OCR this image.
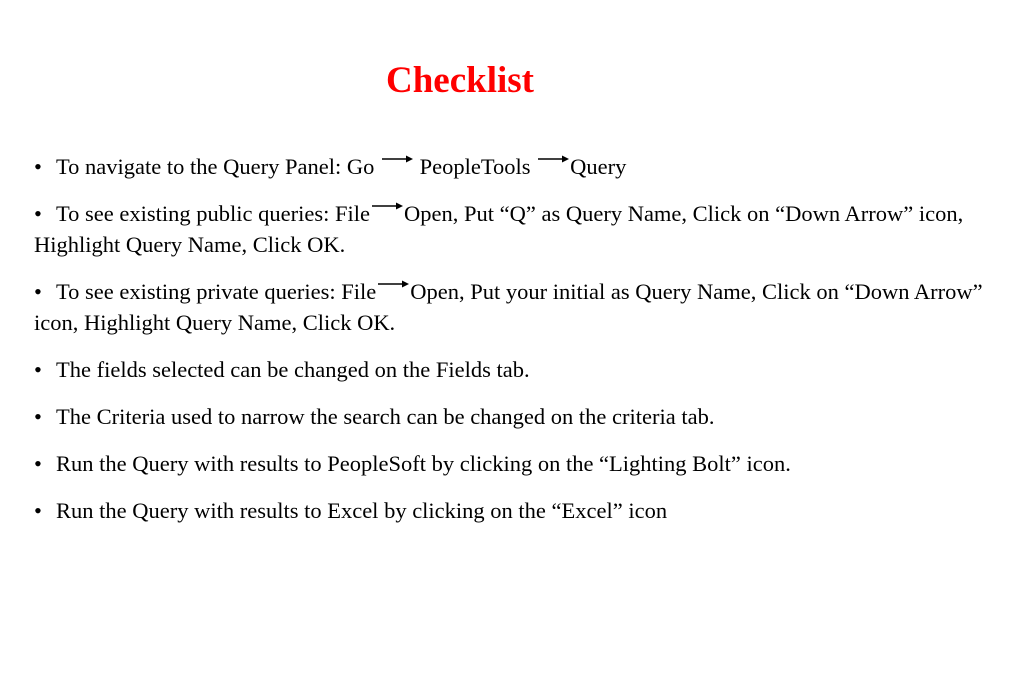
Checklist

• To navigate to the Query Panel: Go
PeopleTools
Query

• To see existing public queries: File Open, Put “Q” as Query Name, Click on “Down Arrow” icon, Highlight Query Name, Click OK.

• To see existing private queries: File Open, Put your initial as Query Name, Click on “Down Arrow” icon, Highlight Query Name, Click OK.

• The fields selected can be changed on the Fields tab.

• The Criteria used to narrow the search can be changed on the criteria tab.

• Run the Query with results to PeopleSoft by clicking on the “Lighting Bolt” icon.

• Run the Query with results to Excel by clicking on the “Excel” icon
